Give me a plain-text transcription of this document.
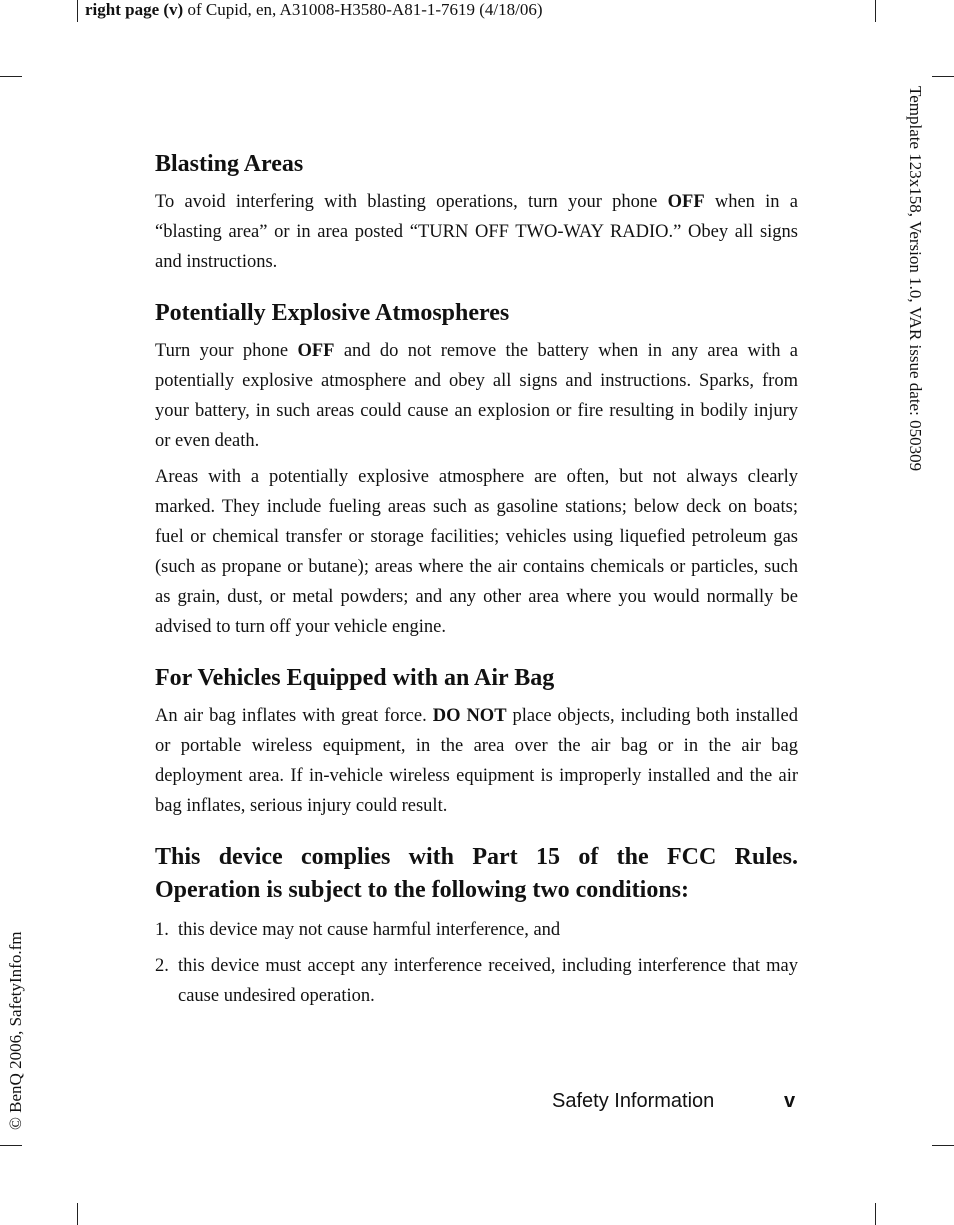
right page (v) of Cupid, en, A31008-H3580-A81-1-7619 (4/18/06)
Template 123x158, Version 1.0, VAR issue date: 050309
© BenQ 2006, SafetyInfo.fm
Blasting Areas

To avoid interfering with blasting operations, turn your phone OFF when in a “blasting area” or in area posted “TURN OFF TWO-WAY RADIO.” Obey all signs and instructions.

Potentially Explosive Atmospheres

Turn your phone OFF and do not remove the battery when in any area with a potentially explosive atmosphere and obey all signs and instructions. Sparks, from your battery, in such areas could cause an explosion or fire resulting in bodily injury or even death.

Areas with a potentially explosive atmosphere are often, but not always clearly marked. They include fueling areas such as gasoline stations; below deck on boats; fuel or chemical transfer or storage facilities; vehicles using liquefied petroleum gas (such as propane or butane); areas where the air contains chemicals or particles, such as grain, dust, or metal powders; and any other area where you would normally be advised to turn off your vehicle engine.

For Vehicles Equipped with an Air Bag

An air bag inflates with great force. DO NOT place objects, including both installed or portable wireless equipment, in the area over the air bag or in the air bag deployment area. If in-vehicle wireless equipment is improperly installed and the air bag inflates, serious injury could result.

This device complies with Part 15 of the FCC Rules. Operation is subject to the following two conditions:
1. this device may not cause harmful interference, and
2. this device must accept any interference received, including interference that may cause undesired operation.
Safety Information	v
